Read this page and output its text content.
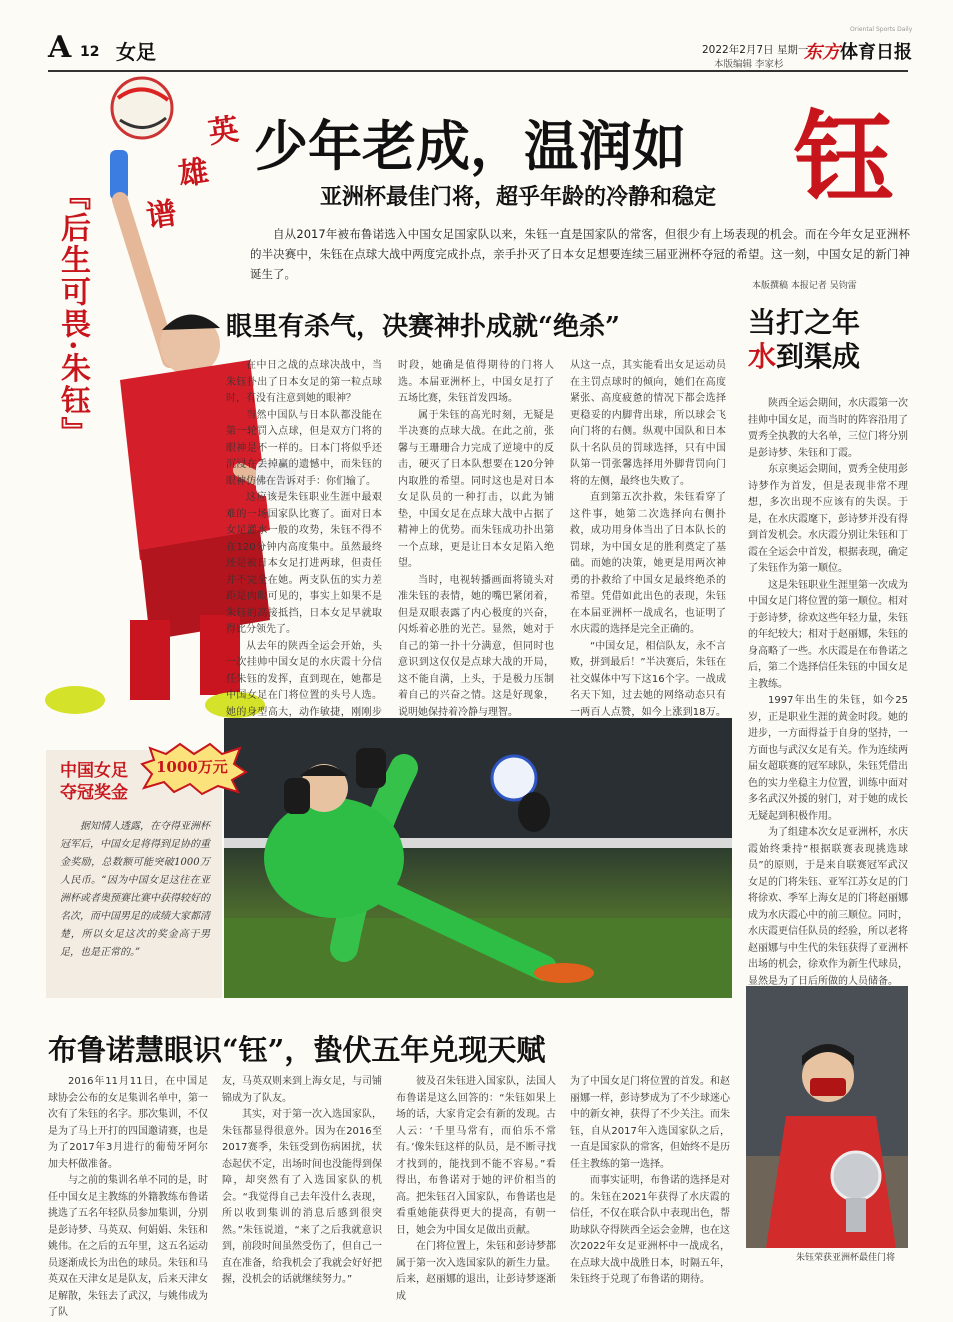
A 12 女足	2022年2月7日 星期一
本版编辑 李家杉
东方体育日报
Oriental Sports Daily
英
雄
谱
『后生可畏·朱钰』
少年老成，温润如 钰
亚洲杯最佳门将，超乎年龄的冷静和稳定
自从2017年被布鲁诺选入中国女足国家队以来，朱钰一直是国家队的常客，但很少有上场表现的机会。而在今年女足亚洲杯的半决赛中，朱钰在点球大战中两度完成扑点，亲手扑灭了日本女足想要连续三届亚洲杯夺冠的希望。这一刻，中国女足的新门神诞生了。
本版撰稿 本报记者 吴钧雷
眼里有杀气，决赛神扑成就“绝杀”

在中日之战的点球决战中，当朱钰扑出了日本女足的第一粒点球时，有没有注意到她的眼神？

当然中国队与日本队都没能在第一轮罚入点球，但是双方门将的眼神是不一样的。日本门将似乎还沉浸在丢掉赢的遗憾中，而朱钰的眼神仿佛在告诉对手：你们输了。

这应该是朱钰职业生涯中最艰难的一场国家队比赛了。面对日本女足灌水一般的攻势，朱钰不得不在120分钟内高度集中。虽然最终还是被日本女足打进两球，但责任并不完全在她。两支队伍的实力差距是肉眼可见的，事实上如果不是朱钰的高接抵挡，日本女足早就取得比分领先了。

从去年的陕西全运会开始，头一次挂帅中国女足的水庆霞十分信任朱钰的发挥，直到现在，她都是中国女足在门将位置的头号人选。她的身型高大，动作敏捷，刚刚步

时段，她确是值得期待的门将人选。本届亚洲杯上，中国女足打了五场比赛，朱钰首发四场。

属于朱钰的高光时刻，无疑是半决赛的点球大战。在此之前，张馨与王珊珊合力完成了逆境中的反击，硬灭了日本队想要在120分钟内取胜的希望。同时这也是对日本女足队员的一种打击，以此为铺垫，中国女足在点球大战中占据了精神上的优势。而朱钰成功扑出第一个点球，更是让日本女足陷入绝望。

当时，电视转播画面将镜头对准朱钰的表情，她的嘴巴紧闭着，但是双眼表露了内心极度的兴奋，闪烁着必胜的光芒。显然，她对于自己的第一扑十分满意，但同时也意识到这仅仅是点球大战的开局，这不能自满，上头，于是极力压制着自己的兴奋之情。这是好现象，说明她保持着冷静与理智。

从这一点，其实能看出女足运动员在主罚点球时的倾向，她们在高度紧张、高度疲惫的情况下都会选择更稳妥的内脚背出球，所以球会飞向门将的右侧。纵观中国队和日本队十名队员的罚球选择，只有中国队第一罚张馨选择用外脚背罚向门将的左侧，最终也失败了。

直到第五次扑救，朱钰看穿了这件事，她第二次选择向右侧扑救，成功用身体当出了日本队长的罚球，为中国女足的胜利奠定了基础。而她的决策，她更是用两次神勇的扑救给了中国女足最终绝杀的希望。凭借如此出色的表现，朱钰在本届亚洲杯一战成名，也证明了水庆霞的选择是完全正确的。

“中国女足，相信队友，永不言败，拼到最后！”半决赛后，朱钰在社交媒体中写下这16个字。一战成名天下知，过去她的网络动态只有一两百人点赞，如今上涨到18万。

当打之年
水到渠成

陕西全运会期间，水庆霞第一次挂帅中国女足，而当时的阵容沿用了贾秀全执教的大名单，三位门将分别是彭诗梦、朱钰和丁霞。

东京奥运会期间，贾秀全使用彭诗梦作为首发，但是表现非常不理想，多次出现不应该有的失误。于是，在水庆霞麾下，彭诗梦并没有得到首发机会。水庆霞分别让朱钰和丁霞在全运会中首发，根据表现，确定了朱钰作为第一顺位。

这是朱钰职业生涯里第一次成为中国女足门将位置的第一顺位。相对于彭诗梦，徐欢这些年轻力量，朱钰的年纪较大；相对于赵丽娜，朱钰的身高略了一些。水庆霞是在布鲁诺之后，第二个选择信任朱钰的中国女足主教练。

1997年出生的朱钰，如今25岁，正是职业生涯的黄金时段。她的进步，一方面得益于自身的坚持，一方面也与武汉女足有关。作为连续两届女超联赛的冠军球队，朱钰凭借出色的实力坐稳主力位置，训练中面对多名武汉外援的射门，对于她的成长无疑起到积极作用。

为了组建本次女足亚洲杯，水庆霞始终秉持“根据联赛表现挑选球员”的原则，于是来自联赛冠军武汉女足的门将朱钰、亚军江苏女足的门将徐欢、季军上海女足的门将赵丽娜成为水庆霞心中的前三顺位。同时，水庆霞更信任队员的经验，所以老将赵丽娜与中生代的朱钰获得了亚洲杯出场的机会，徐欢作为新生代球员，显然是为了日后所做的人员储备。

中国女足
夺冠奖金
1000万元
据知情人透露，在夺得亚洲杯冠军后，中国女足将得到足协的重金奖励，总数额可能突破1000万人民币。“因为中国女足这往在亚洲杯或者奥预赛比赛中获得较好的名次，而中国男足的成绩大家都清楚，所以女足这次的奖金高于男足，也是正常的。”
布鲁诺慧眼识“钰”，蛰伏五年兑现天赋

2016年11月11日，在中国足球协会公布的女足集训名单中，第一次有了朱钰的名字。那次集训，不仅是为了马上开打的四国邀请赛，也是为了2017年3月进行的葡萄牙阿尔加夫杯做准备。

与之前的集训名单不同的是，时任中国女足主教练的外籍教练布鲁诺挑选了五名年轻队员参加集训，分别是彭诗梦、马英双、何娟娟、朱钰和姚伟。在之后的五年里，这五名运动员逐渐成长为出色的球员。朱钰和马英双在天津女足是队友，后来天津女足解散，朱钰去了武汉，与姚伟成为了队

友，马英双则来到上海女足，与司铺锦成为了队友。

其实，对于第一次入选国家队，朱钰都显得很意外。因为在2016至2017赛季，朱钰受到伤病困扰，状态起伏不定，出场时间也没能得到保障，却突然有了入选国家队的机会。“我觉得自己去年没什么表现，所以收到集训的消息后感到很突然。”朱钰说道，“来了之后我就意识到，前段时间虽然受伤了，但自己一直在准备，给我机会了我就会好好把握，没机会的话就继续努力。”

彼及召朱钰进入国家队，法国人布鲁诺是这么回答的：“朱钰如果上场的话，大家肯定会有新的发现。古人云：‘千里马常有，而伯乐不常有。’像朱钰这样的队员，是不断寻找才找到的，能找到不能不容易。”看得出，布鲁诺对于她的评价相当的高。把朱钰召入国家队，布鲁诺也是看重她能获得更大的提高，有朝一日，她会为中国女足做出贡献。

在门将位置上，朱钰和彭诗梦都属于第一次入选国家队的新生力量。后来，赵丽娜的退出，让彭诗梦逐渐成

为了中国女足门将位置的首发。和赵丽娜一样，彭诗梦成为了不少球迷心中的新女神，获得了不少关注。而朱钰，自从2017年入选国家队之后，一直是国家队的常客，但始终不是历任主教练的第一选择。

而事实证明，布鲁诺的选择是对的。朱钰在2021年获得了水庆霞的信任，不仅在联合队中表现出色，帮助球队夺得陕西全运会金牌，也在这次2022年女足亚洲杯中一战成名，在点球大战中战胜日本，时隔五年，朱钰终于兑现了布鲁诺的期待。

朱钰荣获亚洲杯最佳门将
